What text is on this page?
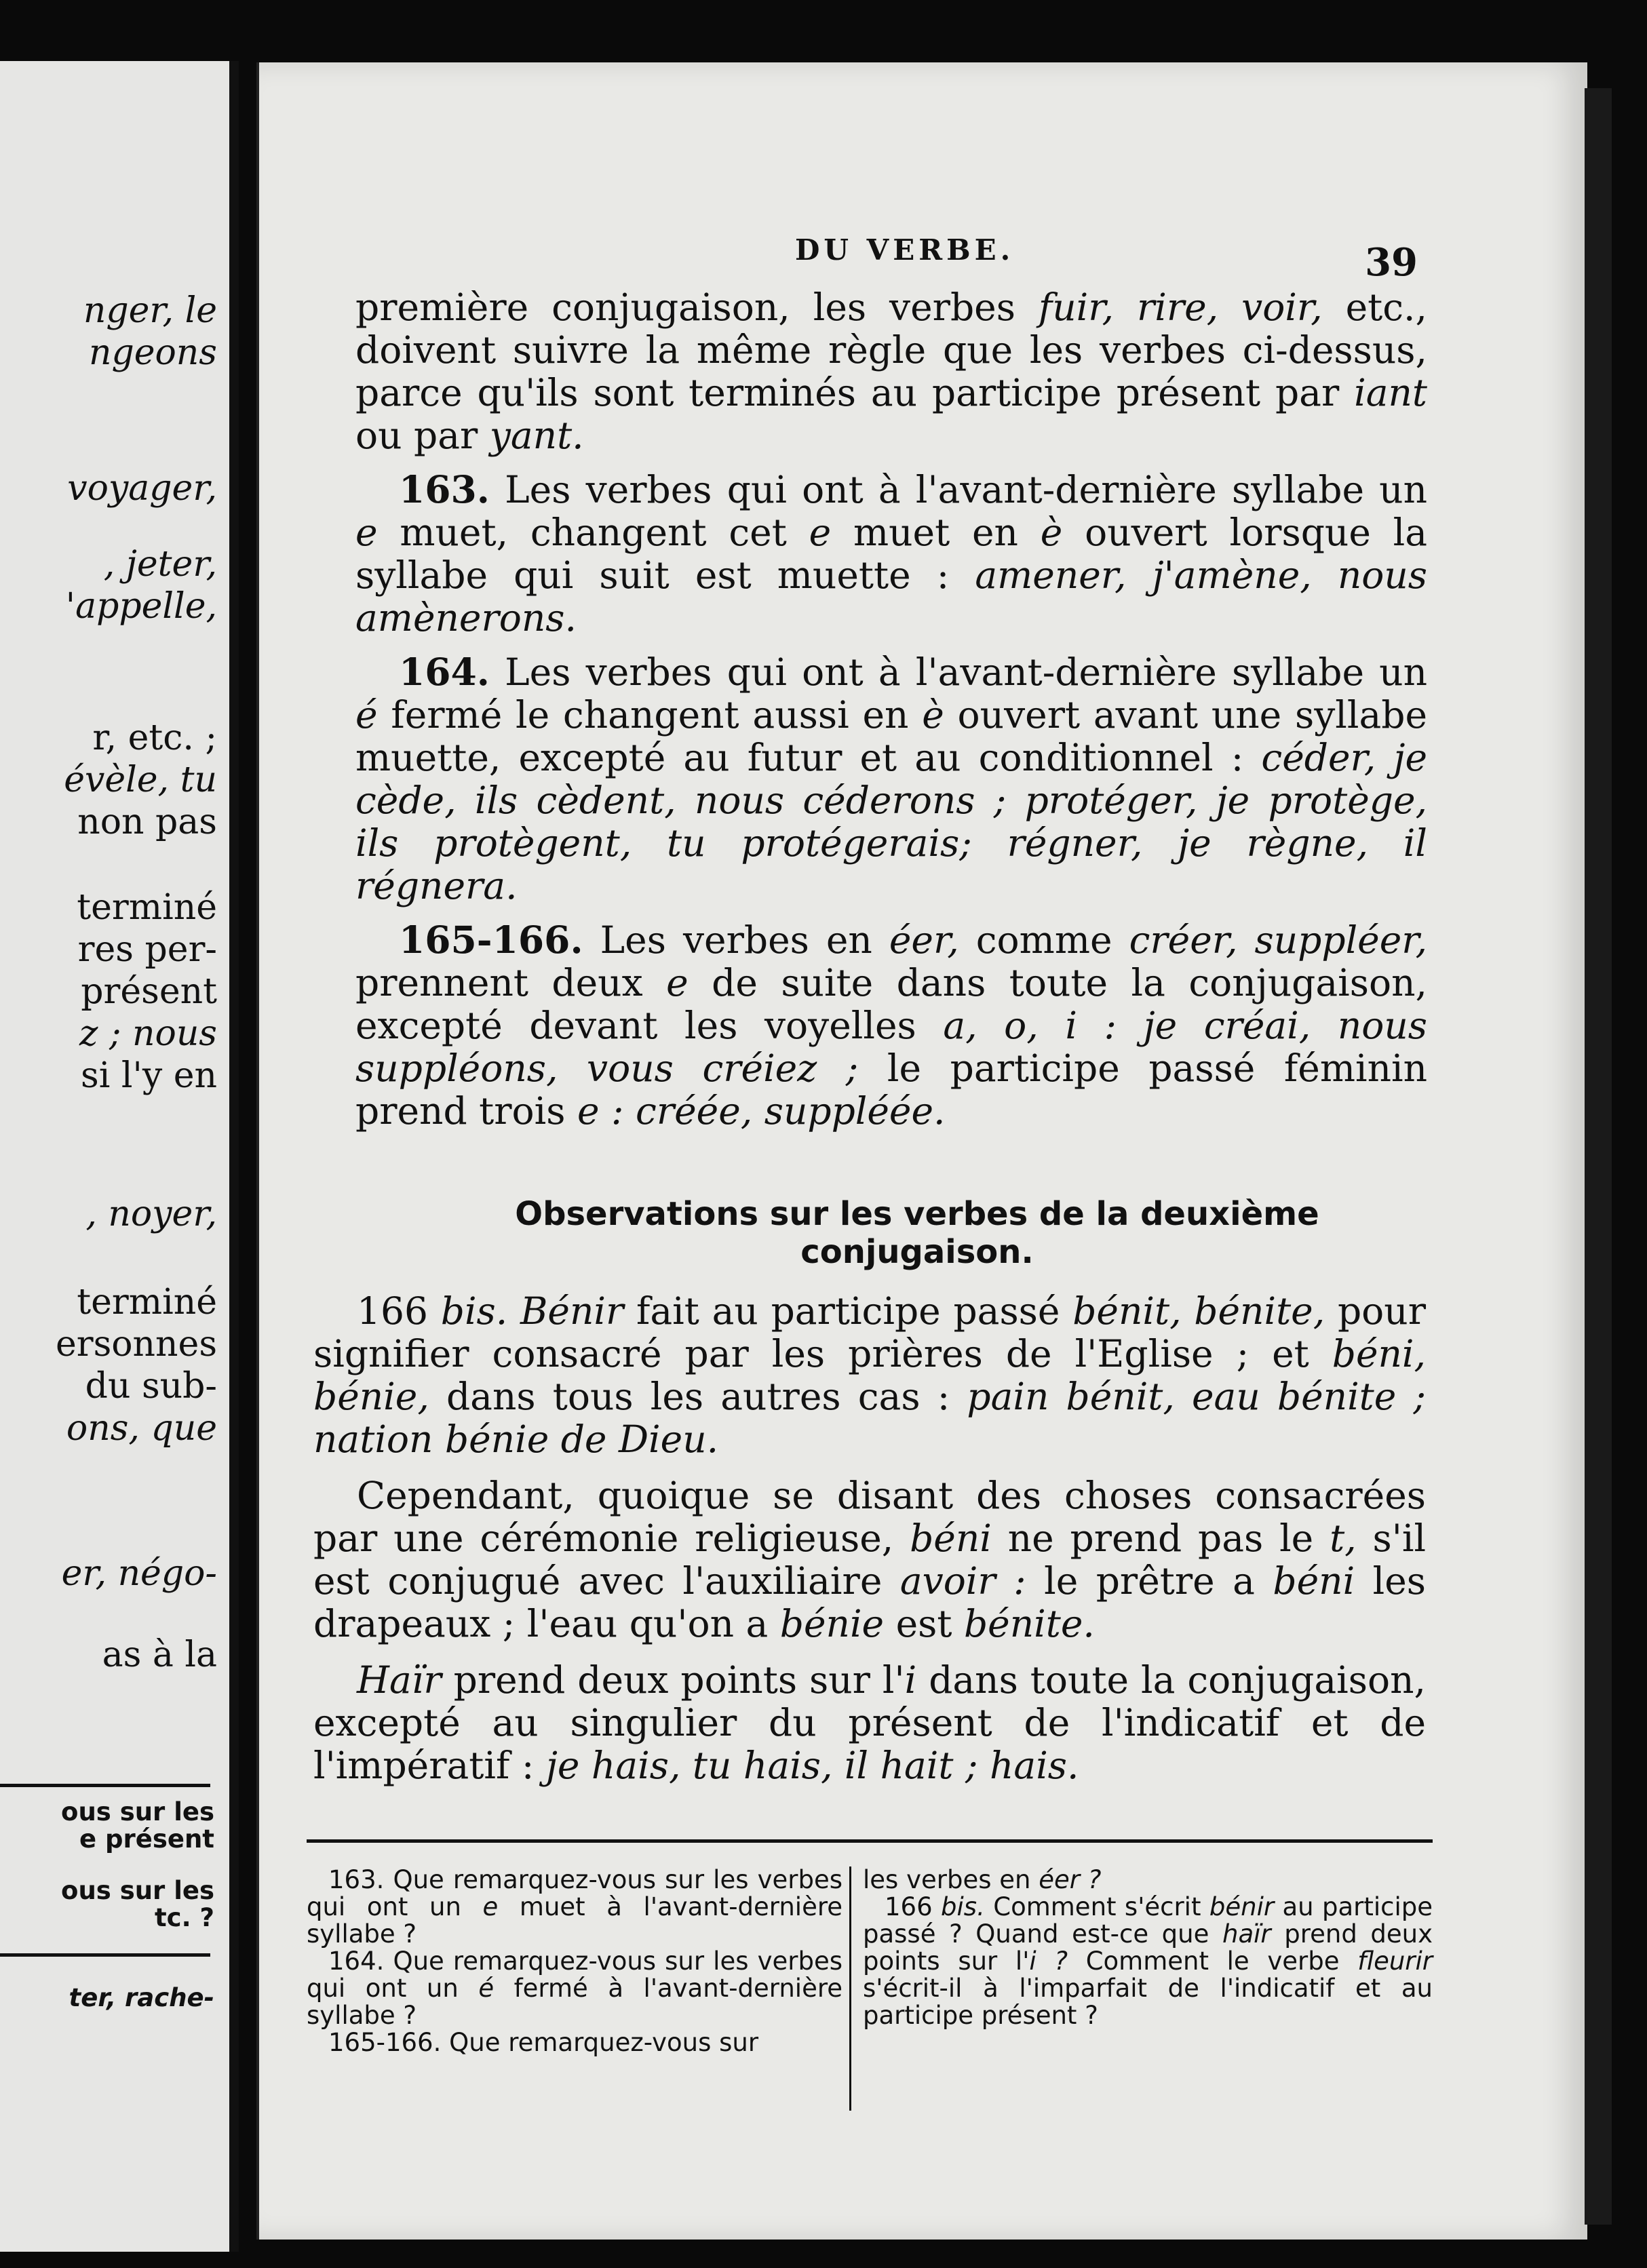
nger, le
ngeons
voyager,
, jeter,
'appelle,
r, etc. ;
évèle, tu
non pas
terminé
res per-
présent
z ; nous
si l'y en
, noyer,
terminé
ersonnes
du sub-
ons, que
er, négo-
as à la
ous sur les
e présent
ous sur les
tc. ?
ter, rache-
DU VERBE.	39

première conjugaison, les verbes fuir, rire, voir, etc., doivent suivre la même règle que les verbes ci-dessus, parce qu'ils sont terminés au participe présent par iant ou par yant.

163. Les verbes qui ont à l'avant-dernière syllabe un e muet, changent cet e muet en è ouvert lorsque la syllabe qui suit est muette : amener, j'amène, nous amènerons.

164. Les verbes qui ont à l'avant-dernière syllabe un é fermé le changent aussi en è ouvert avant une syllabe muette, excepté au futur et au conditionnel : céder, je cède, ils cèdent, nous céderons ; protéger, je protège, ils protègent, tu protégerais; régner, je règne, il régnera.

165-166. Les verbes en éer, comme créer, suppléer, prennent deux e de suite dans toute la conjugaison, excepté devant les voyelles a, o, i : je créai, nous suppléons, vous créiez ; le participe passé féminin prend trois e : créée, suppléée.

Observations sur les verbes de la deuxième conjugaison.

166 bis. Bénir fait au participe passé bénit, bénite, pour signifier consacré par les prières de l'Eglise ; et béni, bénie, dans tous les autres cas : pain bénit, eau bénite ; nation bénie de Dieu.

Cependant, quoique se disant des choses consacrées par une cérémonie religieuse, béni ne prend pas le t, s'il est conjugué avec l'auxiliaire avoir : le prêtre a béni les drapeaux ; l'eau qu'on a bénie est bénite.

Haïr prend deux points sur l'i dans toute la conjugaison, excepté au singulier du présent de l'indicatif et de l'impératif : je hais, tu hais, il hait ; hais.

163. Que remarquez-vous sur les verbes qui ont un e muet à l'avant-dernière syllabe ?

164. Que remarquez-vous sur les verbes qui ont un é fermé à l'avant-dernière syllabe ?

165-166. Que remarquez-vous sur

les verbes en éer ?

166 bis. Comment s'écrit bénir au participe passé ? Quand est-ce que haïr prend deux points sur l'i ? Comment le verbe fleurir s'écrit-il à l'imparfait de l'indicatif et au participe présent ?
